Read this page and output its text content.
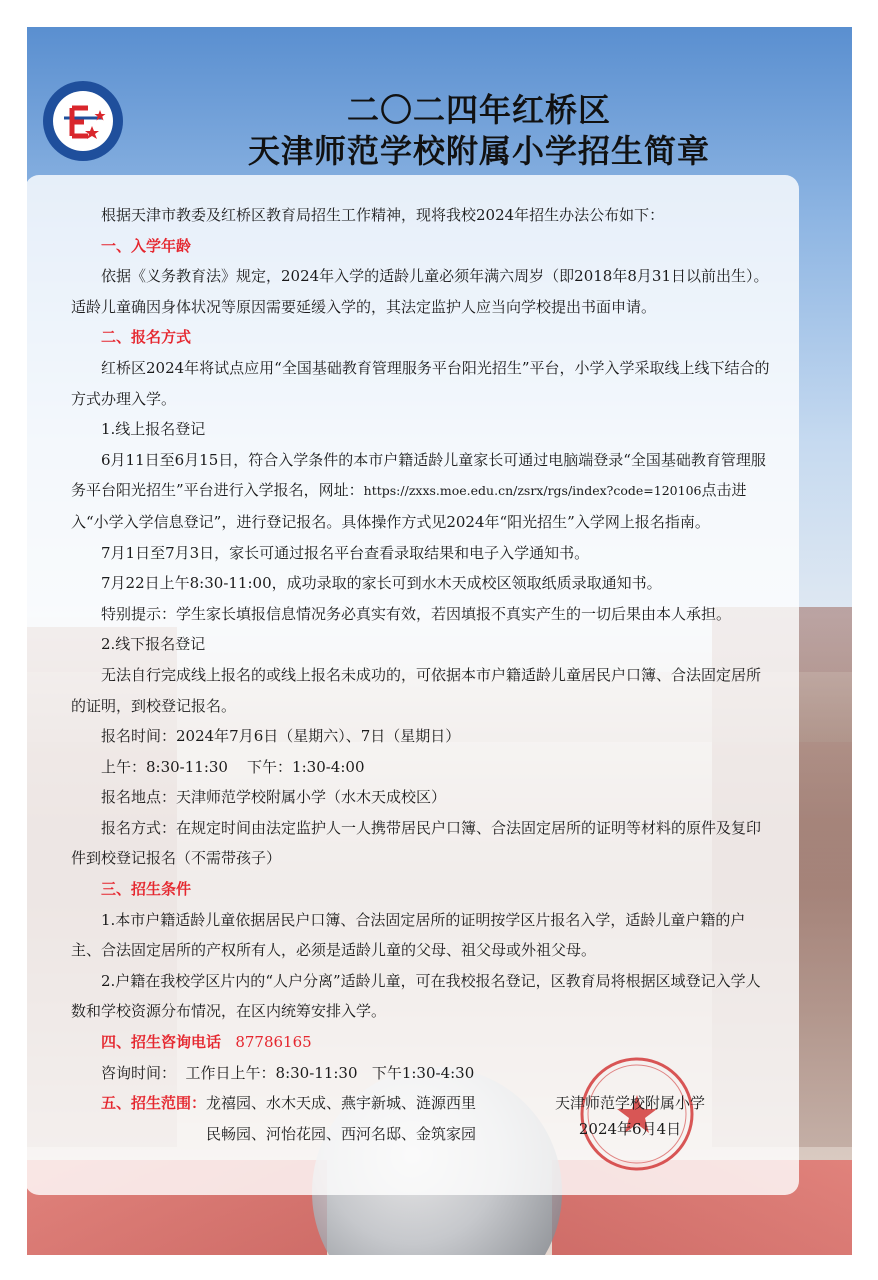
二〇二四年红桥区
天津师范学校附属小学招生简章

根据天津市教委及红桥区教育局招生工作精神，现将我校2024年招生办法公布如下：

一、入学年龄

依据《义务教育法》规定，2024年入学的适龄儿童必须年满六周岁（即2018年8月31日以前出生）。适龄儿童确因身体状况等原因需要延缓入学的，其法定监护人应当向学校提出书面申请。

二、报名方式

红桥区2024年将试点应用“全国基础教育管理服务平台阳光招生”平台，小学入学采取线上线下结合的方式办理入学。

1.线上报名登记

6月11日至6月15日，符合入学条件的本市户籍适龄儿童家长可通过电脑端登录“全国基础教育管理服务平台阳光招生”平台进行入学报名，网址：https://zxxs.moe.edu.cn/zsrx/rgs/index?code=120106点击进入“小学入学信息登记”，进行登记报名。具体操作方式见2024年“阳光招生”入学网上报名指南。

7月1日至7月3日，家长可通过报名平台查看录取结果和电子入学通知书。

7月22日上午8:30-11:00，成功录取的家长可到水木天成校区领取纸质录取通知书。

特别提示：学生家长填报信息情况务必真实有效，若因填报不真实产生的一切后果由本人承担。

2.线下报名登记

无法自行完成线上报名的或线上报名未成功的，可依据本市户籍适龄儿童居民户口簿、合法固定居所的证明，到校登记报名。

报名时间：2024年7月6日（星期六）、7日（星期日）

上午：8:30-11:30    下午：1:30-4:00

报名地点：天津师范学校附属小学（水木天成校区）

报名方式：在规定时间由法定监护人一人携带居民户口簿、合法固定居所的证明等材料的原件及复印件到校登记报名（不需带孩子）

三、招生条件

1.本市户籍适龄儿童依据居民户口簿、合法固定居所的证明按学区片报名入学，适龄儿童户籍的户主、合法固定居所的产权所有人，必须是适龄儿童的父母、祖父母或外祖父母。

2.户籍在我校学区片内的“人户分离”适龄儿童，可在我校报名登记，区教育局将根据区域登记入学人数和学校资源分布情况，在区内统筹安排入学。

四、招生咨询电话 87786165

咨询时间：  工作日上午：8:30-11:30   下午1:30-4:30

五、招生范围： 龙禧园、水木天成、燕宇新城、涟源西里
民畅园、河怡花园、西河名邸、金筑家园
天津师范学校附属小学
2024年6月4日
